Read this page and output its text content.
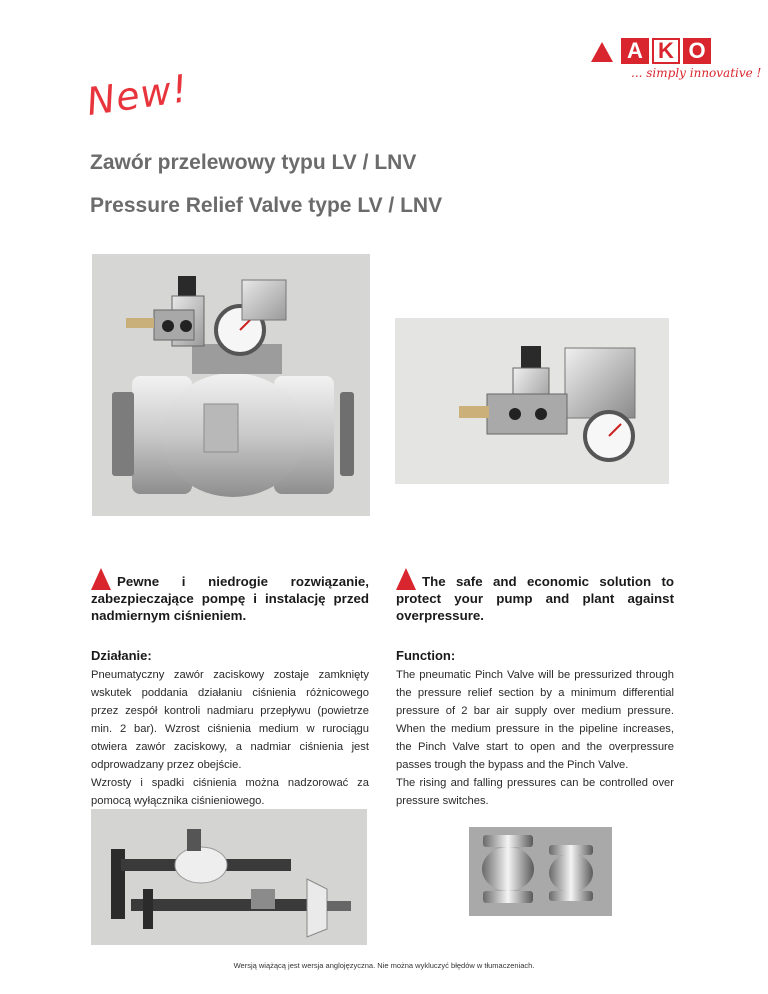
A K O
... simply innovative !
New!
Zawór przelewowy typu LV / LNV
Pressure Relief Valve type LV / LNV
Pewne i niedrogie rozwiązanie, zabezpieczające pompę i instalację przed nadmiernym ciśnieniem.
The safe and economic solution to protect your pump and plant against overpressure.
Działanie:	Function:

Pneumatyczny zawór zaciskowy zostaje zamknięty wskutek poddania działaniu ciśnienia różnicowego przez zespół kontroli nadmiaru przepływu (powietrze min. 2 bar). Wzrost ciśnienia medium w rurociągu otwiera zawór zaciskowy, a nadmiar ciśnienia jest odprowadzany przez obejście.

Wzrosty i spadki ciśnienia można nadzorować za pomocą wyłącznika ciśnieniowego.

The pneumatic Pinch Valve will be pressurized through the pressure relief section by a minimum differential pressure of 2 bar air supply over medium pressure. When the medium pressure in the pipeline increases, the Pinch Valve start to open and the overpressure passes trough the bypass and the Pinch Valve.

The rising and falling pressures can be controlled over pressure switches.

Wersją wiążącą jest wersja anglojęzyczna. Nie można wykluczyć błędów w tłumaczeniach.
